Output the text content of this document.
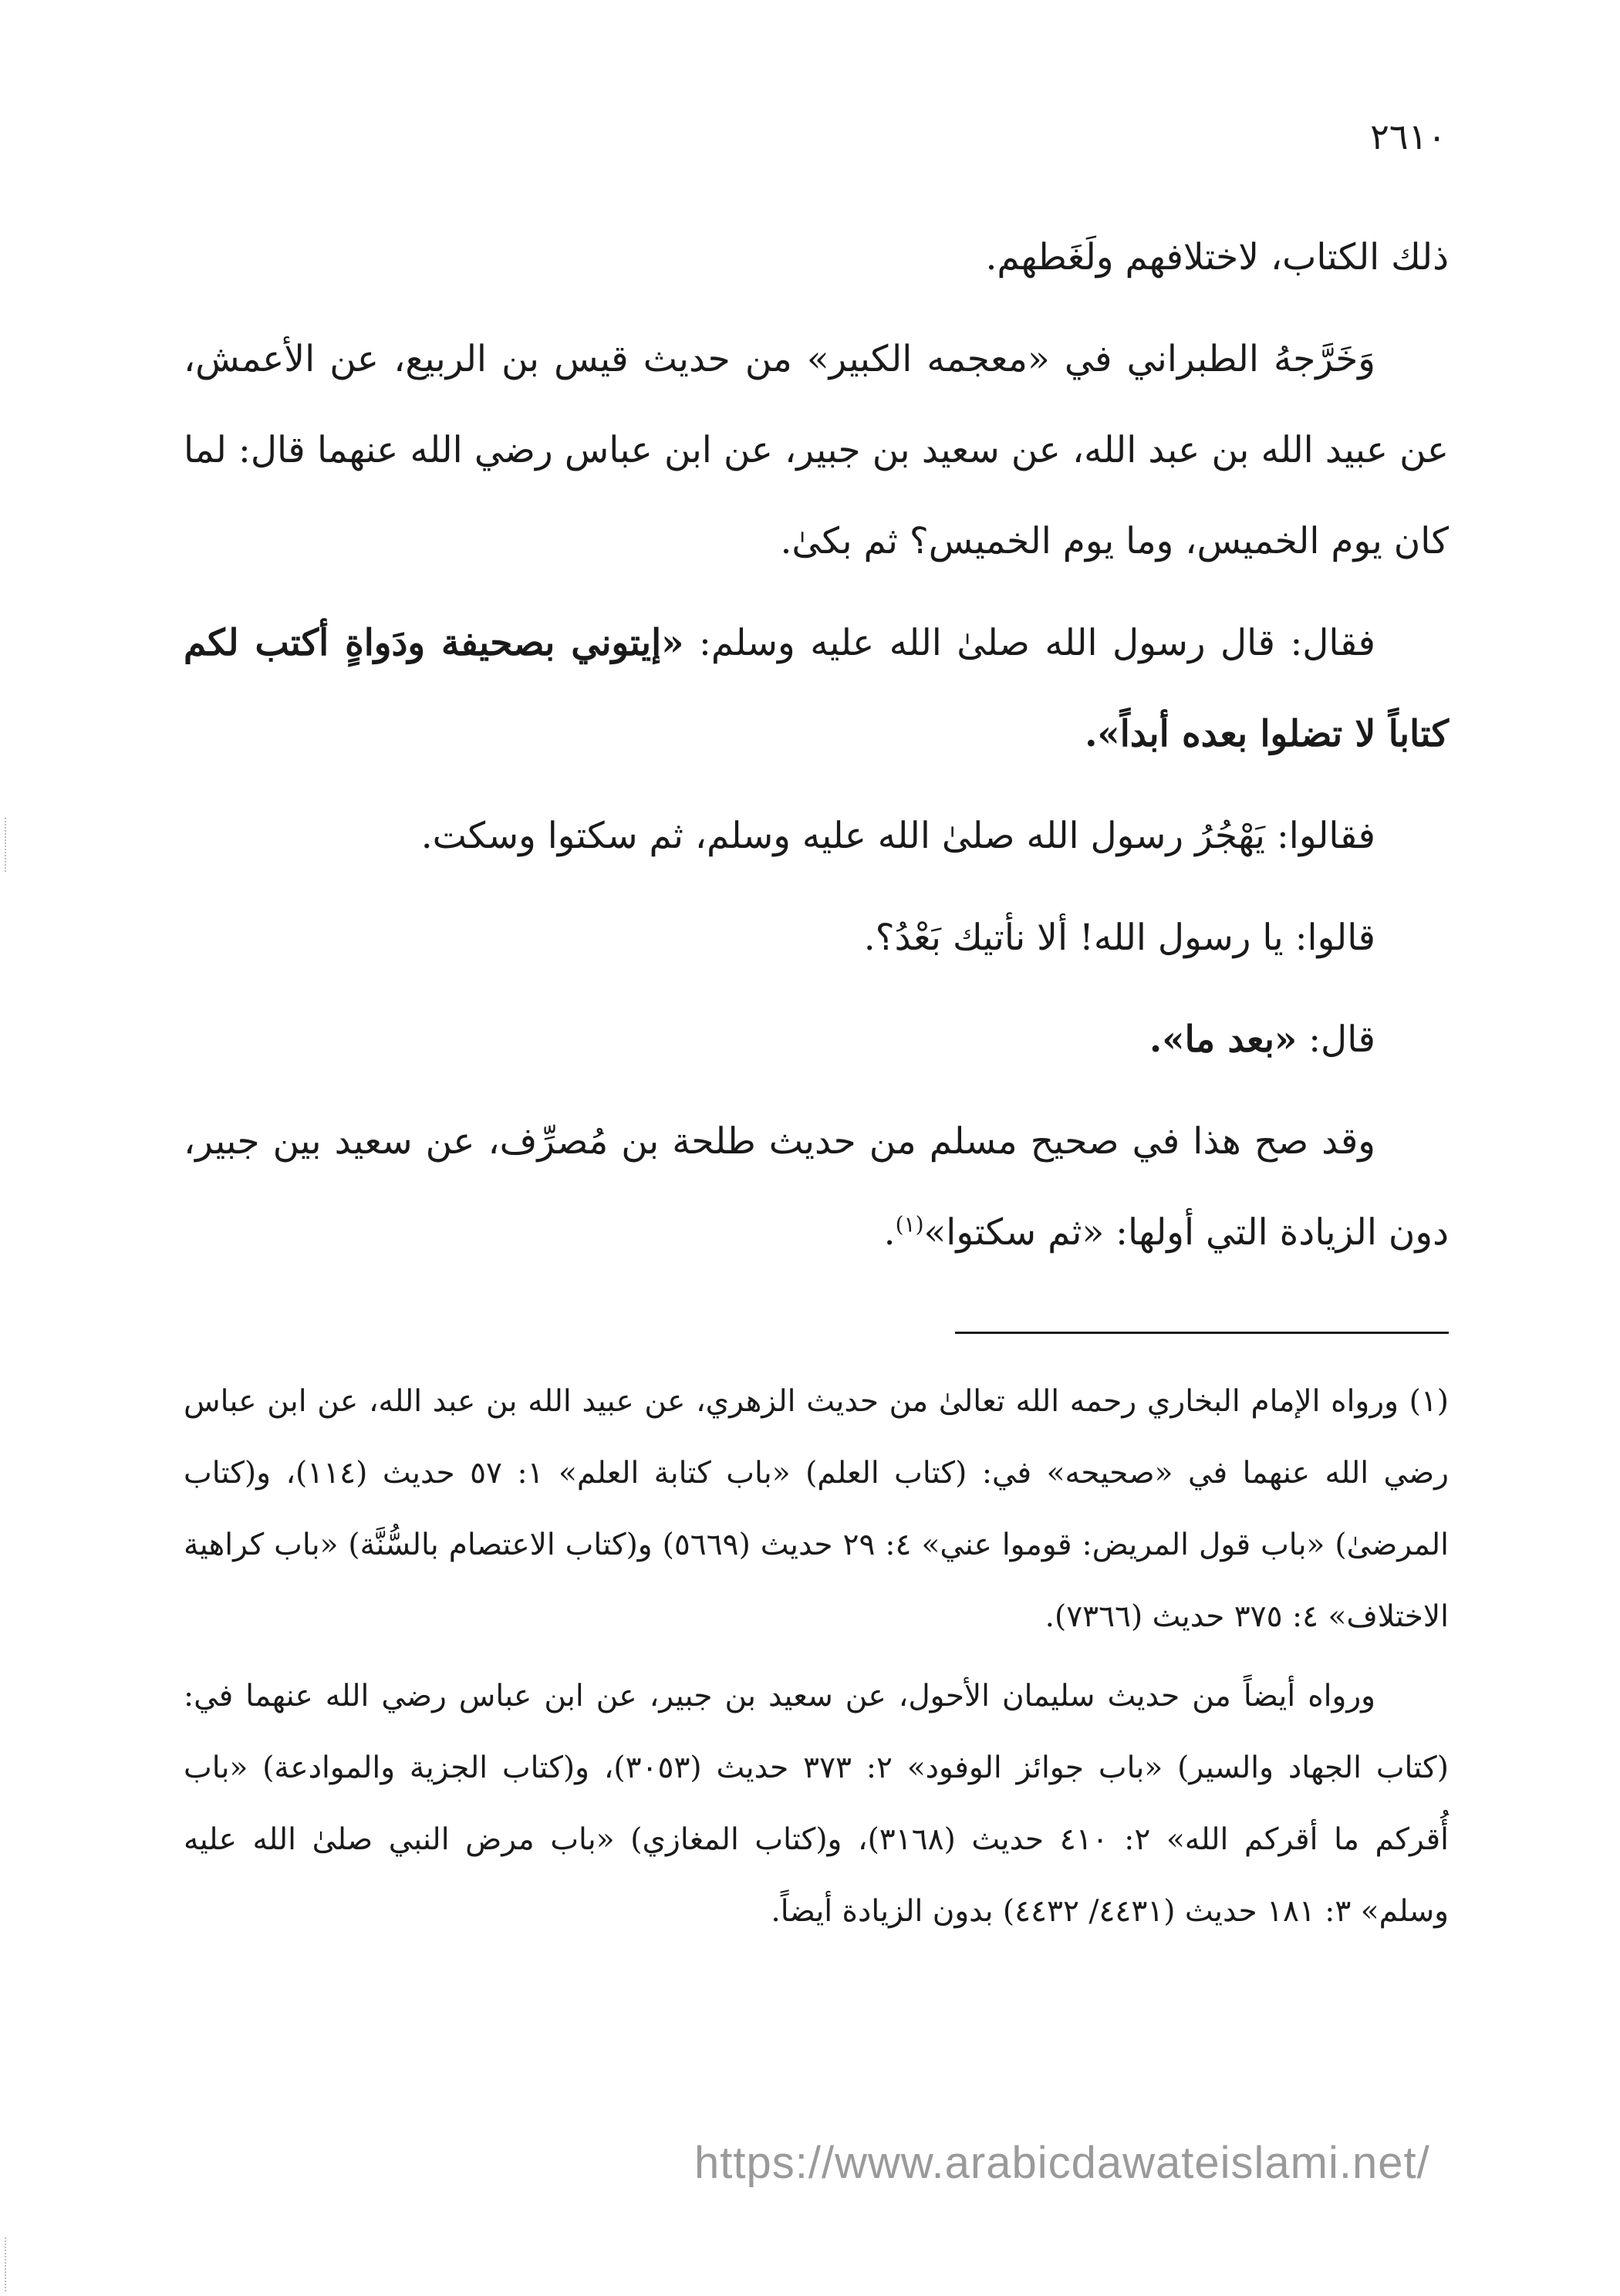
٢٦١٠

ذلك الكتاب، لاختلافهم ولَغَطهم.

وَخَرَّجهُ الطبراني في «معجمه الكبير» من حديث قيس بن الربيع، عن الأعمش، عن عبيد الله بن عبد الله، عن سعيد بن جبير، عن ابن عباس رضي الله عنهما قال: لما كان يوم الخميس، وما يوم الخميس؟ ثم بكىٰ.

فقال: قال رسول الله صلىٰ الله عليه وسلم: «إيتوني بصحيفة ودَواةٍ أكتب لكم كتاباً لا تضلوا بعده أبداً».

فقالوا: يَهْجُرُ رسول الله صلىٰ الله عليه وسلم، ثم سكتوا وسكت.

قالوا: يا رسول الله! ألا نأتيك بَعْدُ؟.

قال: «بعد ما».

وقد صح هذا في صحيح مسلم من حديث طلحة بن مُصرِّف، عن سعيد بين جبير، دون الزيادة التي أولها: «ثم سكتوا»$^{(١)}$.

(١) ورواه الإمام البخاري رحمه الله تعالىٰ من حديث الزهري، عن عبيد الله بن عبد الله، عن ابن عباس رضي الله عنهما في «صحيحه» في: (كتاب العلم) «باب كتابة العلم» ١: ٥٧ حديث (١١٤)، و(كتاب المرضىٰ) «باب قول المريض: قوموا عني» ٤: ٢٩ حديث (٥٦٦٩) و(كتاب الاعتصام بالسُّنَّة) «باب كراهية الاختلاف» ٤: ٣٧٥ حديث (٧٣٦٦).

ورواه أيضاً من حديث سليمان الأحول، عن سعيد بن جبير، عن ابن عباس رضي الله عنهما في: (كتاب الجهاد والسير) «باب جوائز الوفود» ٢: ٣٧٣ حديث (٣٠٥٣)، و(كتاب الجزية والموادعة) «باب أُقركم ما أقركم الله» ٢: ٤١٠ حديث (٣١٦٨)، و(كتاب المغازي) «باب مرض النبي صلىٰ الله عليه وسلم» ٣: ١٨١ حديث (٤٤٣١/ ٤٤٣٢) بدون الزيادة أيضاً.

https://www.arabicdawateislami.net/
